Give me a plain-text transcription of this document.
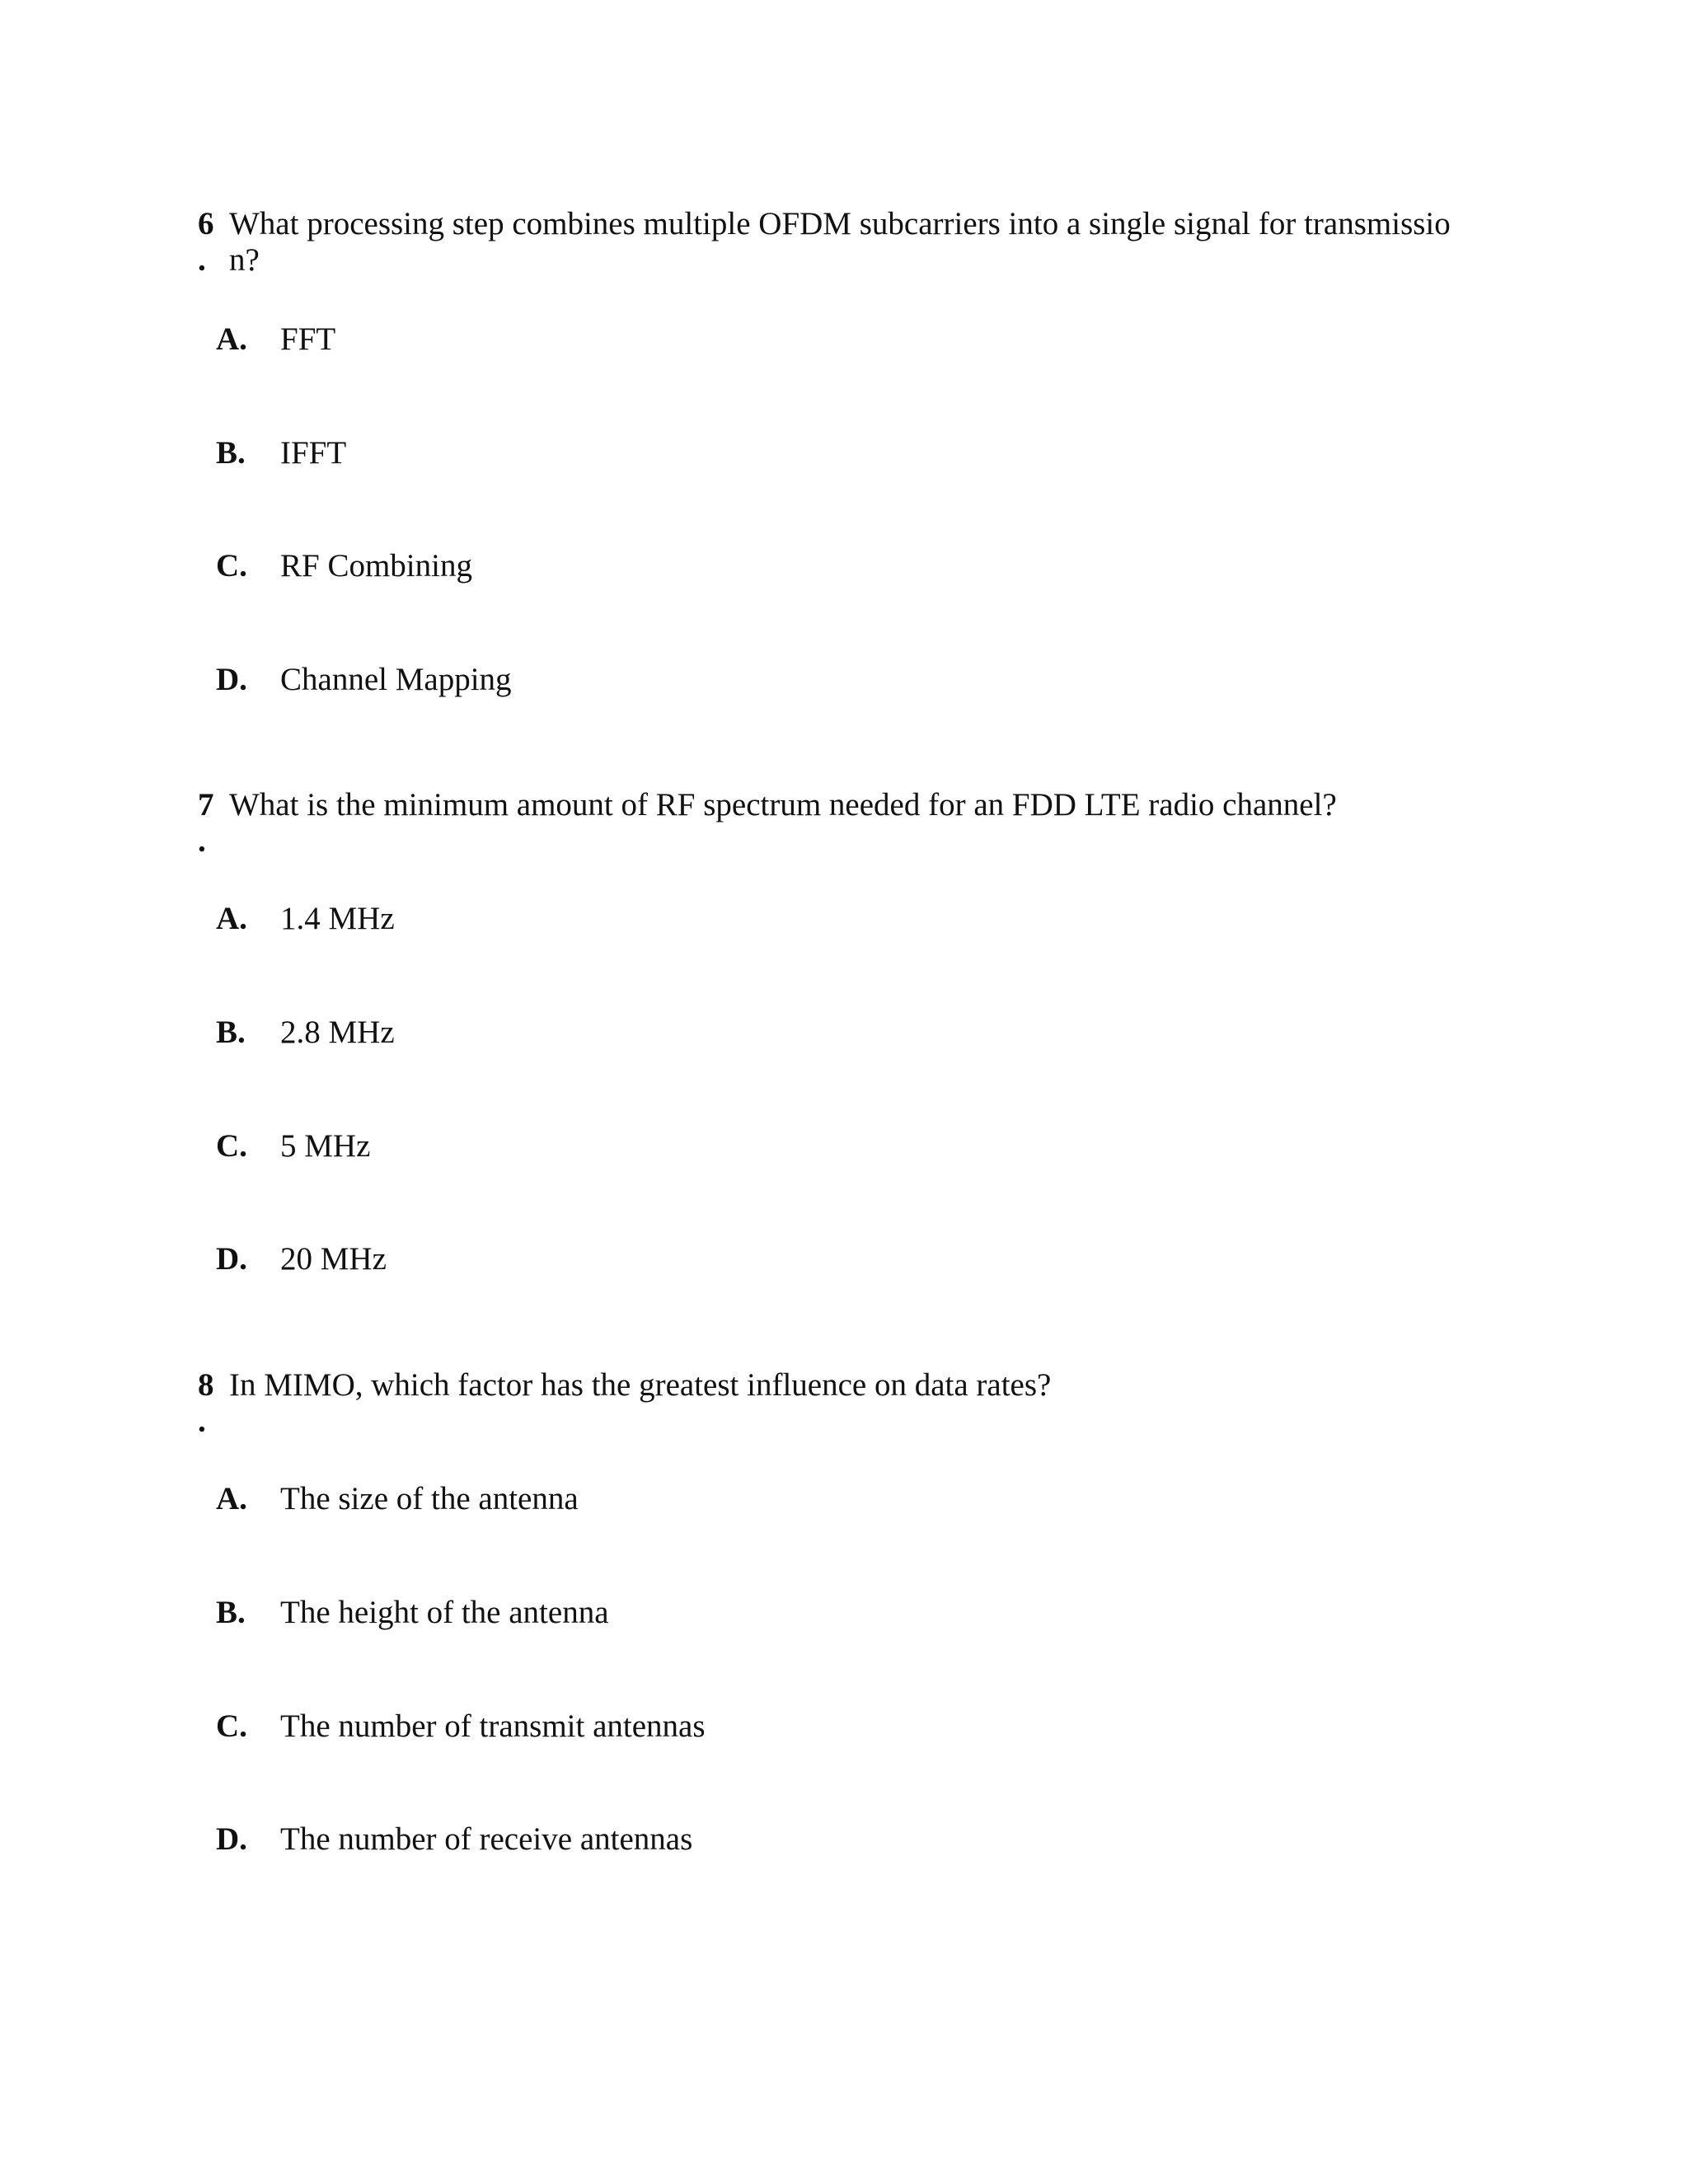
6 What processing step combines multiple OFDM subcarriers into a single signal for transmissio
. n?
A. FFT
B. IFFT
C. RF Combining
D. Channel Mapping
7 What is the minimum amount of RF spectrum needed for an FDD LTE radio channel?
.

A. 1.4 MHz
B. 2.8 MHz
C. 5 MHz
D. 20 MHz
8 In MIMO, which factor has the greatest influence on data rates?
.

A. The size of the antenna
B. The height of the antenna
C. The number of transmit antennas
D. The number of receive antennas
